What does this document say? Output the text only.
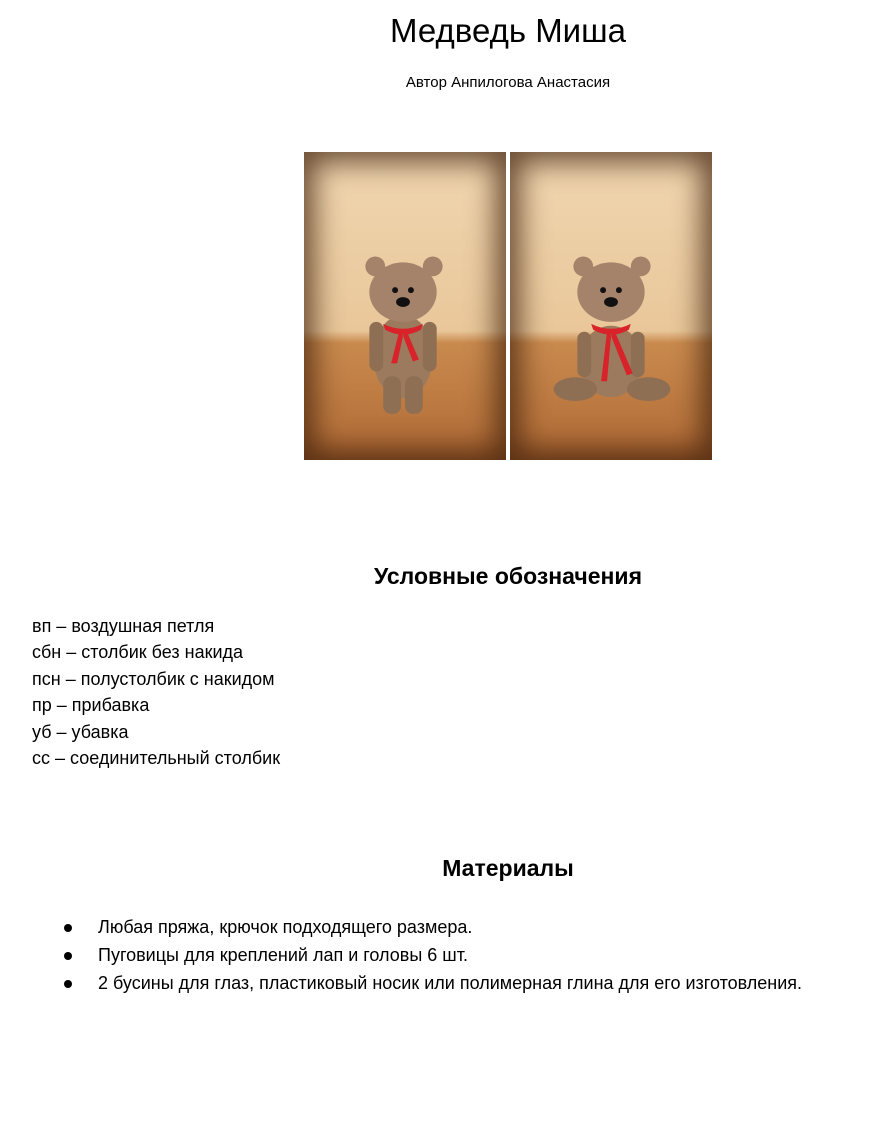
Медведь Миша
Автор Анпилогова Анастасия
Условные обозначения
вп – воздушная петля
сбн – столбик без накида
псн – полустолбик с накидом
пр – прибавка
уб – убавка
сс – соединительный столбик
Материалы
Любая пряжа, крючок подходящего размера.
Пуговицы для креплений лап и головы 6 шт.
2 бусины для глаз, пластиковый носик или полимерная глина для его изготовления.
